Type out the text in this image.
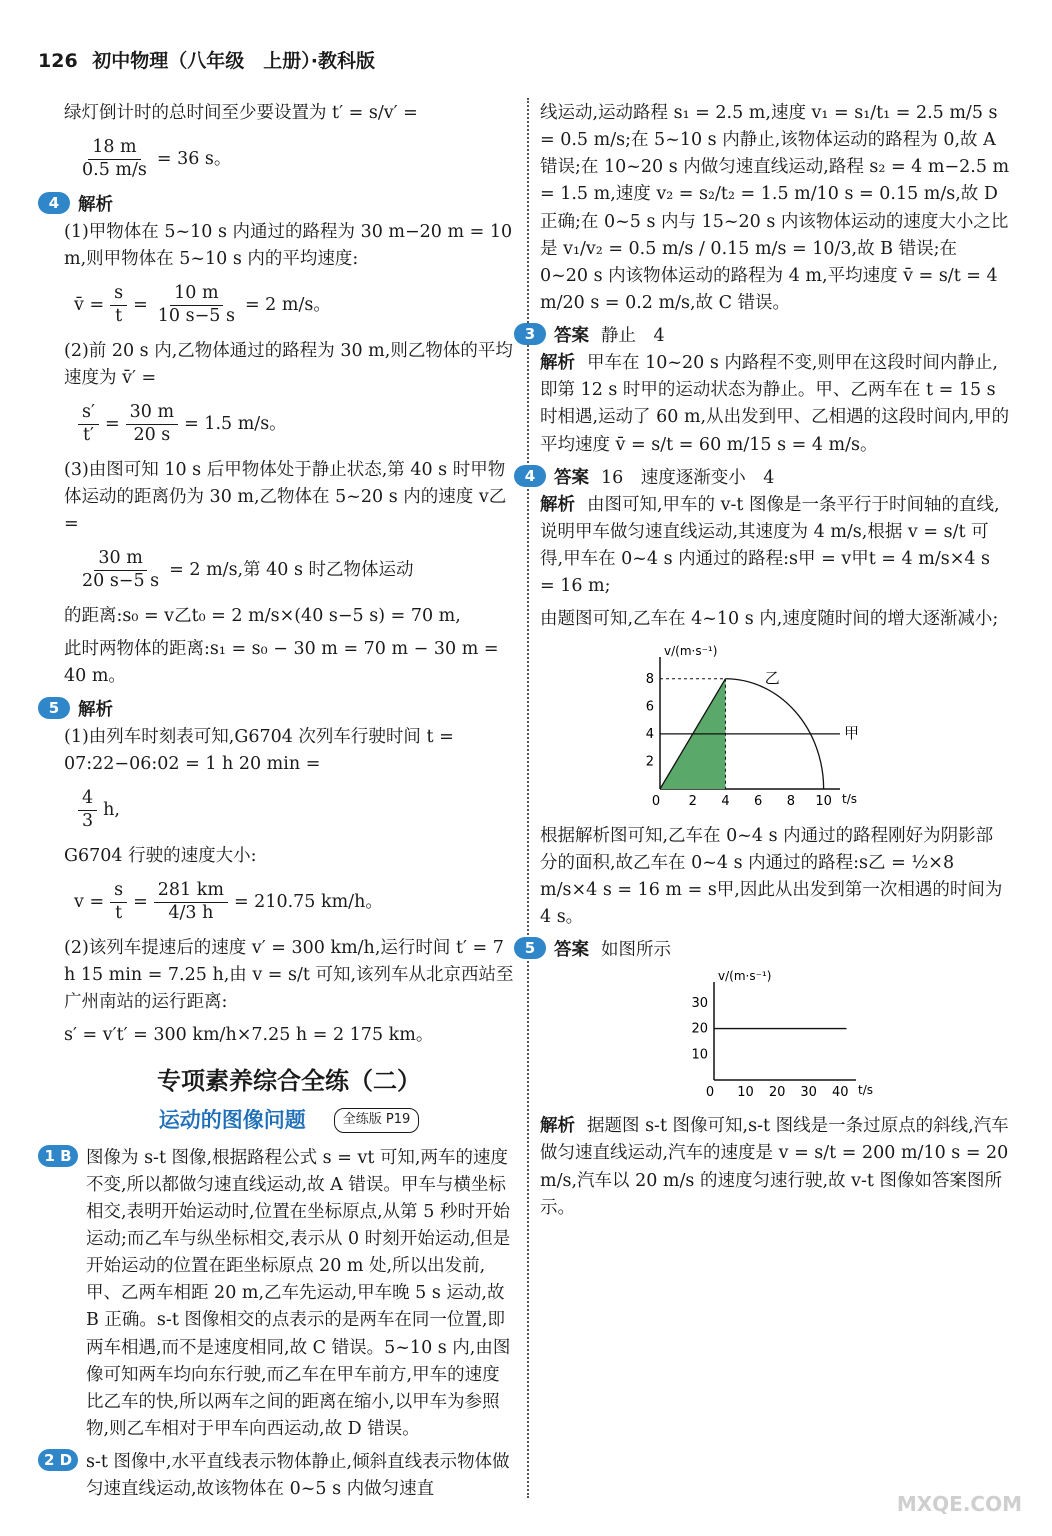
126 初中物理（八年级　上册）·教科版

绿灯倒计时的总时间至少要设置为 t′ = s/v′ =

$\frac{18 m}{0.5 m/s} = 36$ s。
4	解析

(1)甲物体在 5~10 s 内通过的路程为 30 m−20 m = 10 m,则甲物体在 5~10 s 内的平均速度:

v̄ = $\frac{s}{t} = \frac{10 m}{10 s-5 s} = 2$ m/s。

(2)前 20 s 内,乙物体通过的路程为 30 m,则乙物体的平均速度为 v̄′ =

$\frac{s'}{t'} = \frac{30 m}{20 s} = 1.5$ m/s。

(3)由图可知 10 s 后甲物体处于静止状态,第 40 s 时甲物体运动的距离仍为 30 m,乙物体在 5~20 s 内的速度 v乙 =

$\frac{30 m}{20 s-5 s} = 2$ m/s,第 40 s 时乙物体运动

的距离:s₀ = v乙t₀ = 2 m/s×(40 s−5 s) = 70 m,

此时两物体的距离:s₁ = s₀ − 30 m = 70 m − 30 m = 40 m。

5	解析

(1)由列车时刻表可知,G6704 次列车行驶时间 t = 07:22−06:02 = 1 h 20 min =

$\frac{4}{3} h$,

G6704 行驶的速度大小:

$v = \frac{s}{t} = \frac{281 km}{4/3 h} = 210.75$ km/h。

(2)该列车提速后的速度 v′ = 300 km/h,运行时间 t′ = 7 h 15 min = 7.25 h,由 v = s/t 可知,该列车从北京西站至广州南站的运行距离:

s′ = v′t′ = 300 km/h×7.25 h = 2 175 km。

专项素养综合全练（二）
运动的图像问题	全练版 P19
1 B 图像为 s-t 图像,根据路程公式 s = vt 可知,两车的速度不变,所以都做匀速直线运动,故 A 错误。甲车与横坐标相交,表明开始运动时,位置在坐标原点,从第 5 秒时开始运动;而乙车与纵坐标相交,表示从 0 时刻开始运动,但是开始运动的位置在距坐标原点 20 m 处,所以出发前,甲、乙两车相距 20 m,乙车先运动,甲车晚 5 s 运动,故 B 正确。s-t 图像相交的点表示的是两车在同一位置,即两车相遇,而不是速度相同,故 C 错误。5~10 s 内,由图像可知两车均向东行驶,而乙车在甲车前方,甲车的速度比乙车的快,所以两车之间的距离在缩小,以甲车为参照物,则乙车相对于甲车向西运动,故 D 错误。
2 D s-t 图像中,水平直线表示物体静止,倾斜直线表示物体做匀速直线运动,故该物体在 0~5 s 内做匀速直

线运动,运动路程 s₁ = 2.5 m,速度 v₁ = s₁/t₁ = 2.5 m/5 s = 0.5 m/s;在 5~10 s 内静止,该物体运动的路程为 0,故 A 错误;在 10~20 s 内做匀速直线运动,路程 s₂ = 4 m−2.5 m = 1.5 m,速度 v₂ = s₂/t₂ = 1.5 m/10 s = 0.15 m/s,故 D 正确;在 0~5 s 内与 15~20 s 内该物体运动的速度大小之比是 v₁/v₂ = 0.5 m/s / 0.15 m/s = 10/3,故 B 错误;在 0~20 s 内该物体运动的路程为 4 m,平均速度 v̄ = s/t = 4 m/20 s = 0.2 m/s,故 C 错误。

3	答案 静止　4

解析 甲车在 10~20 s 内路程不变,则甲在这段时间内静止,即第 12 s 时甲的运动状态为静止。甲、乙两车在 t = 15 s 时相遇,运动了 60 m,从出发到甲、乙相遇的这段时间内,甲的平均速度 v̄ = s/t = 60 m/15 s = 4 m/s。

4	答案 16　速度逐渐变小　4

解析 由图可知,甲车的 v-t 图像是一条平行于时间轴的直线,说明甲车做匀速直线运动,其速度为 4 m/s,根据 v = s/t 可得,甲车在 0~4 s 内通过的路程:s甲 = v甲t = 4 m/s×4 s = 16 m;

由题图可知,乙车在 4~10 s 内,速度随时间的增大逐渐减小;

v/(m·s⁻¹)
t/s
0 2 4 6 8 10
2
4
6
8
甲
乙

根据解析图可知,乙车在 0~4 s 内通过的路程刚好为阴影部分的面积,故乙车在 0~4 s 内通过的路程:s乙 = ½×8 m/s×4 s = 16 m = s甲,因此从出发到第一次相遇的时间为 4 s。

5	答案 如图所示
v/(m·s⁻¹)
t/s
0 10 20 30 40
10
20
30

解析 据题图 s-t 图像可知,s-t 图线是一条过原点的斜线,汽车做匀速直线运动,汽车的速度是 v = s/t = 200 m/10 s = 20 m/s,汽车以 20 m/s 的速度匀速行驶,故 v-t 图像如答案图所示。

MXQE.COM
